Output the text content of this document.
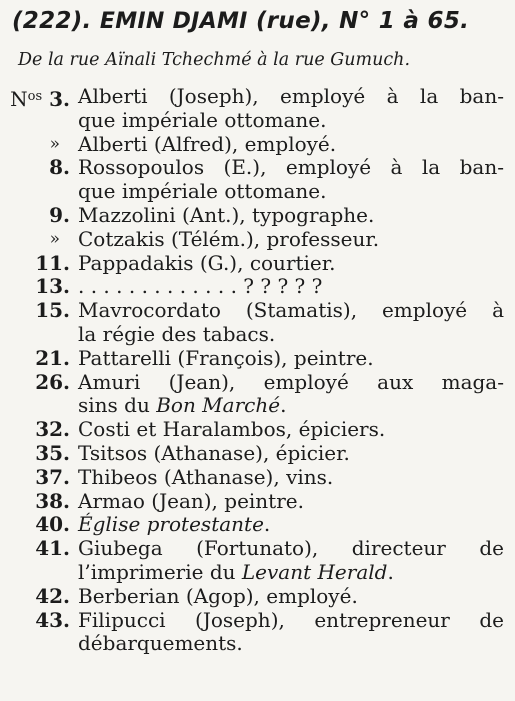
(222). EMIN DJAMI (rue), N° 1 à 65.
De la rue Aïnali Tchechmé à la rue Gumuch.
$N^{os}$ 3. Alberti (Joseph), employé à la ban-
que impériale ottomane.
» Alberti (Alfred), employé.
8. Rossopoulos (E.), employé à la ban-
que impériale ottomane.
9. Mazzolini (Ant.), typographe.
» Cotzakis (Télém.), professeur.
11. Pappadakis (G.), courtier.
13. . . . . . . . . . . . . . ? ? ? ? ?
15. Mavrocordato (Stamatis), employé à
la régie des tabacs.
21. Pattarelli (François), peintre.
26. Amuri (Jean), employé aux maga-
sins du Bon Marché.
32. Costi et Haralambos, épiciers.
35. Tsitsos (Athanase), épicier.
37. Thibeos (Athanase), vins.
38. Armao (Jean), peintre.
40. Église protestante.
41. Giubega (Fortunato), directeur de
l’imprimerie du Levant Herald.
42. Berberian (Agop), employé.
43. Filipucci (Joseph), entrepreneur de
débarquements.
